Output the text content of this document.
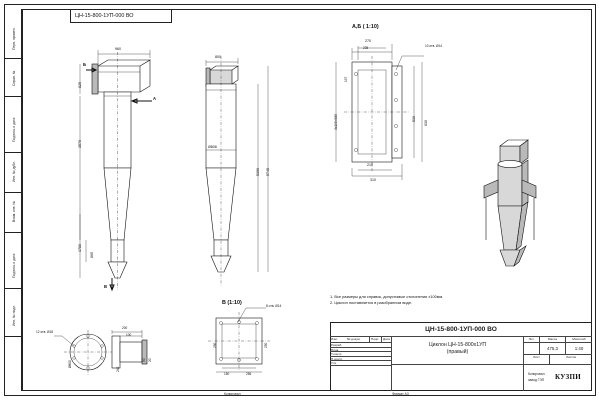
Перв. примен.
Справ. №
Подпись и дата
Инв. № дубл.
Взам. инв. №
Подпись и дата
Инв. № подл.
ЦН-15-800-1УП-000 ВО
Б
А
В
960
825
3570
1780
865
800
Ø808
5390 5745
А,Б ( 1:10)
270
235
197
3x195=585	530
630
210
310
10 отв. Ø14
В (1:10)
250	250
150	256
8 отв. Ø14
12 отв. Ø18
200
100
Ø800	50 20
240
1. Все размеры для справок, допустимые отклонения ±100мм.
2. Циклон поставляется в разобранном виде.
ЦН-15-800-1УП-000 ВО
Циклон ЦН-15-800х1УП
(правый)
Изм.	№ докум.	Подп.	Дата
Разраб.
Пров.
Т.контр.
Н.контр.
Утв.
Лит.	Масса	Масштаб
475,3	1:40
Лист	Листов
КУЗПИ
Копировал
завод ГЭП
Копировал	Формат А3
